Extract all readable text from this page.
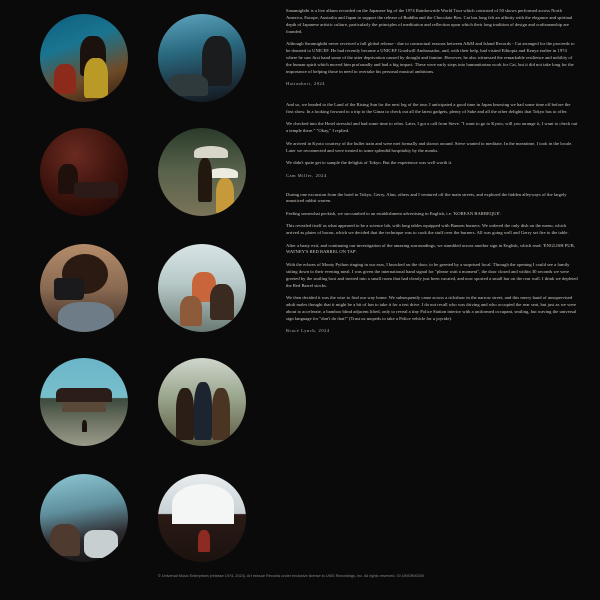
Sanamighthi is a live album recorded on the Japanese leg of the 1974 Rainbowride World Tour which consisted of 50 shows performed across North America, Europe, Australia and Japan to support the release of Buddha and the Chocolate Box. Cat has long felt an affinity with the elegance and spiritual depth of Japanese artistic culture, particularly the principles of meditation and reflection upon which their long tradition of design and craftsmanship are founded.

Although Saramighthi never received a full global release - due to contractual reasons between A&M and Island Records - Cat arranged for the proceeds to be donated to UNICEF. He had recently become a UNICEF Goodwill Ambassador, and, with their help, had visited Ethiopia and Kenya earlier in 1974 where he saw first hand some of the utter deprivation caused by drought and famine. However, he also witnessed the remarkable resilience and nobility of the human spirit which moved him profoundly and had a big impact. These were early steps into humanitarian work for Cat, but it did not take long for the importance of helping those in need to overtake his personal musical ambitions.

Hattauberi, 2024

And so, we headed to the Land of the Rising Sun for the next leg of the tour. I anticipated a good time in Japan knowing we had some time off before the first show. In a looking forward to a trip to the Ginza to check out all the latest gadgets, plenty of Sake and all the other delights that Tokyo has to offer.

We checked into the Hotel stressful and had some time to relax. Later, I got a call from Steve. "I want to go to Kyoto, will you arrange it, I want to check out a temple there." "Okay," I replied.

We arrived in Kyoto courtesy of the bullet train and were met formally and shown around. Steve wanted to meditate. In the meantime, I took in the locale. Later we reconnected and were treated to some splendid hospitality by the monks.

We didn't quite get to sample the delights of Tokyo. But the experience was well worth it.

Cam Miller, 2024

During one excursion from the hotel in Tokyo, Gerry, Alun, others and I ventured off the main streets, and explored the hidden alleyways of the largely unnoticed rabbit warren.

Feeling somewhat peckish, we succumbed to an establishment advertising in English, i.e. 'KOREAN BARBEQUE'.

This revealed itself as what appeared to be a science lab, with long tables equipped with Bunsen burners. We ordered the only dish on the menu, which arrived as plates of bacon, which we decided that the technique was to cook the stuff over the burners. All was going well and Gerry set fire to the table.

After a hasty exit, and continuing our investigation of the amazing surroundings, we stumbled across another sign in English, which read: 'ENGLISH PUB, WATNEY'S RED BARREL ON TAP'.

With the echoes of Monty Python ringing in our ears, I knocked on the door, to be greeted by a surprised local. Through the opening I could see a family sitting down to their evening meal. I was given the international hand signal for "please wait a moment", the door closed and within 30 seconds we were greeted by the smiling host and invited into a small room that had clearly just been vacated, and now sported a small bar on the rear wall. I think we depleted the Red Barrel stocks.

We then decided it was the wise to find our way home. We subsequently came across a rickshaw in the narrow street, and this merry band of unsupervised adult males thought that it might be a bit of fun to take it for a test drive. I do not recall who was driving and who occupied the rear seat, but just as we were about to accelerate, a bamboo blind adjacent lifted, only to reveal a tiny Police Station interior with a uniformed occupant, smiling, but waving the universal sign language for "don't do that!" (Trust us mopeds to take a Police vehicle for a joyride).

Bruce Lynch, 2024

© Universal Music Enterprises (release 1974, 2024). Art reissue Records under exclusive license to UMG Recordings, Inc. All rights reserved. 00 UMGR00000
